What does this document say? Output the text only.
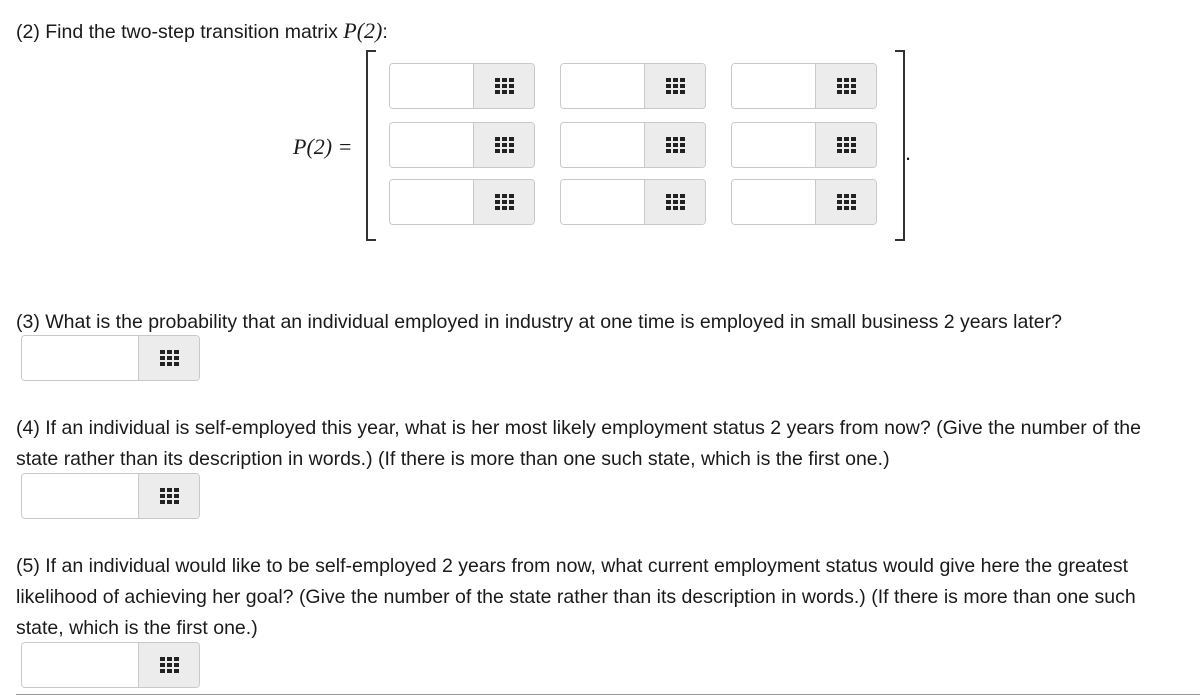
(2) Find the two-step transition matrix P(2):

P(2) =	.

(3) What is the probability that an individual employed in industry at one time is employed in small business 2 years later?

(4) If an individual is self-employed this year, what is her most likely employment status 2 years from now? (Give the number of the state rather than its description in words.) (If there is more than one such state, which is the first one.)

(5) If an individual would like to be self-employed 2 years from now, what current employment status would give here the greatest likelihood of achieving her goal? (Give the number of the state rather than its description in words.) (If there is more than one such state, which is the first one.)
